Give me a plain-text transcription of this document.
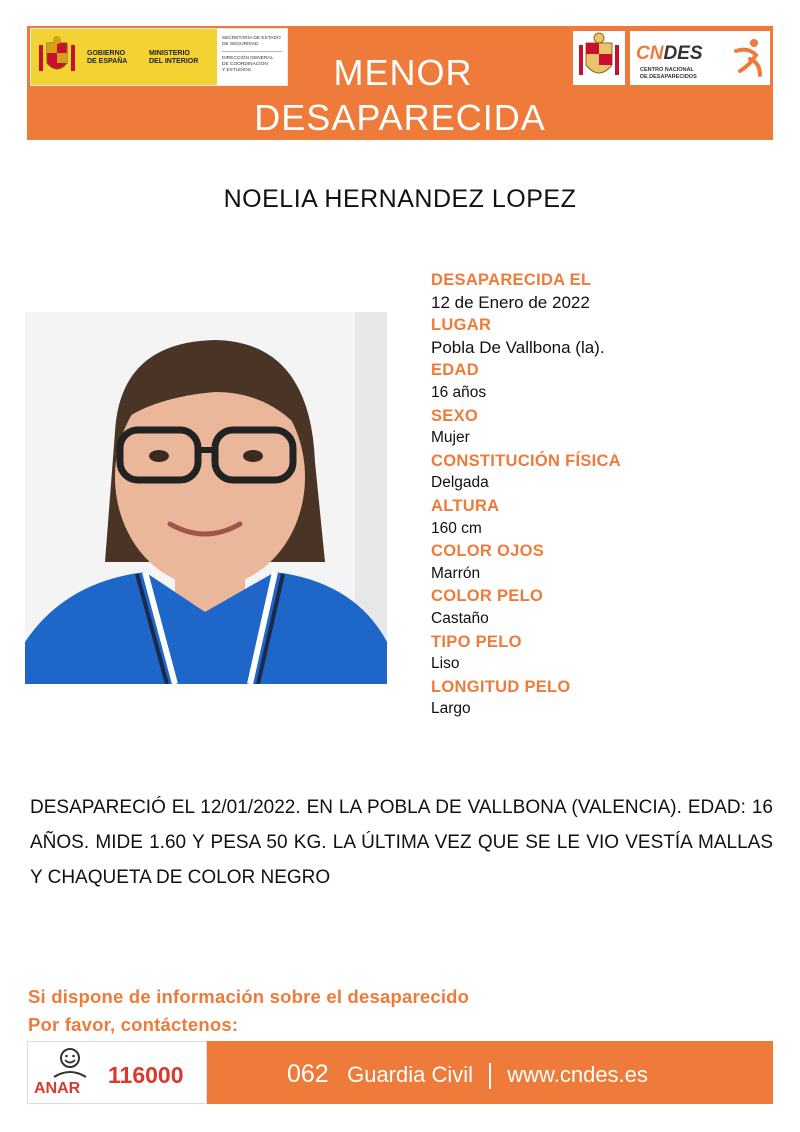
GOBIERNO
DE ESPAÑA
MINISTERIO
DEL INTERIOR
SECRETARÍA DE ESTADO
DE SEGURIDAD
DIRECCIÓN GENERAL
DE COORDINACIÓN
Y ESTUDIOS	MENOR
DESAPARECIDA
CNDES
CENTRO NACIONAL
DE DESAPARECIDOS
NOELIA HERNANDEZ LOPEZ
DESAPARECIDA EL
12 de Enero de 2022
LUGAR
Pobla De Vallbona (la).
EDAD
16 años
SEXO
Mujer
CONSTITUCIÓN FÍSICA
Delgada
ALTURA
160 cm
COLOR OJOS
Marrón
COLOR PELO
Castaño
TIPO PELO
Liso
LONGITUD PELO
Largo
DESAPARECIÓ EL 12/01/2022. EN LA POBLA DE VALLBONA (VALENCIA). EDAD: 16 AÑOS. MIDE 1.60 Y PESA 50 KG. LA ÚLTIMA VEZ QUE SE LE VIO VESTÍA MALLAS Y CHAQUETA DE COLOR NEGRO
Si dispone de información sobre el desaparecido
Por favor, contáctenos:
ANAR
116000	062 Guardia Civil www.cndes.es
